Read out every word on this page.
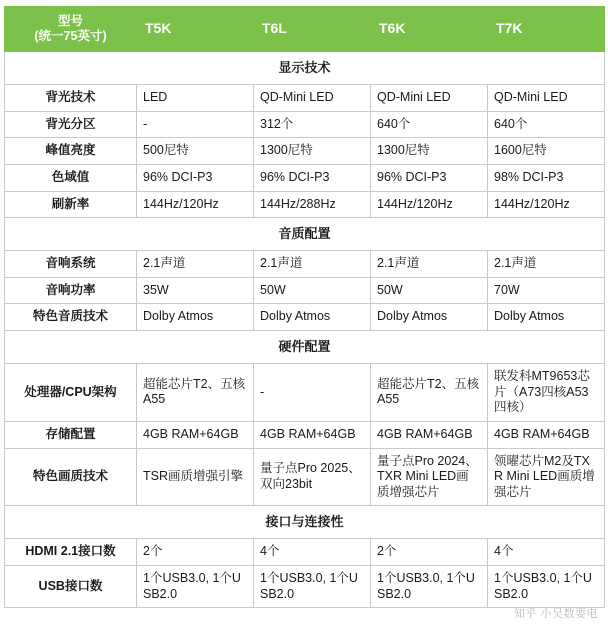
型号
(统一75英寸)	T5K	T6L	T6K	T7K
显示技术				
背光技术	LED	QD-Mini LED	QD-Mini LED	QD-Mini LED
背光分区	-	312个	640个	640个
峰值亮度	500尼特	1300尼特	1300尼特	1600尼特
色域值	96% DCI-P3	96% DCI-P3	96% DCI-P3	98% DCI-P3
刷新率	144Hz/120Hz	144Hz/288Hz	144Hz/120Hz	144Hz/120Hz
音质配置				
音响系统	2.1声道	2.1声道	2.1声道	2.1声道
音响功率	35W	50W	50W	70W
特色音质技术	Dolby Atmos	Dolby Atmos	Dolby Atmos	Dolby Atmos
硬件配置				
处理器/CPU架构	超能芯片T2、五核A55	-	超能芯片T2、五核A55	联发科MT9653芯片（A73四核A53四核）
存储配置	4GB RAM+64GB	4GB RAM+64GB	4GB RAM+64GB	4GB RAM+64GB
特色画质技术	TSR画质增强引擎	量子点Pro 2025、双向23bit	量子点Pro 2024、TXR Mini LED画质增强芯片	领曜芯片M2及TXR Mini LED画质增强芯片
接口与连接性				
HDMI 2.1接口数	2个	4个	2个	4个
USB接口数	1个USB3.0, 1个USB2.0	1个USB3.0, 1个USB2.0	1个USB3.0, 1个USB2.0	1个USB3.0, 1个USB2.0
知乎 小吴数要电
